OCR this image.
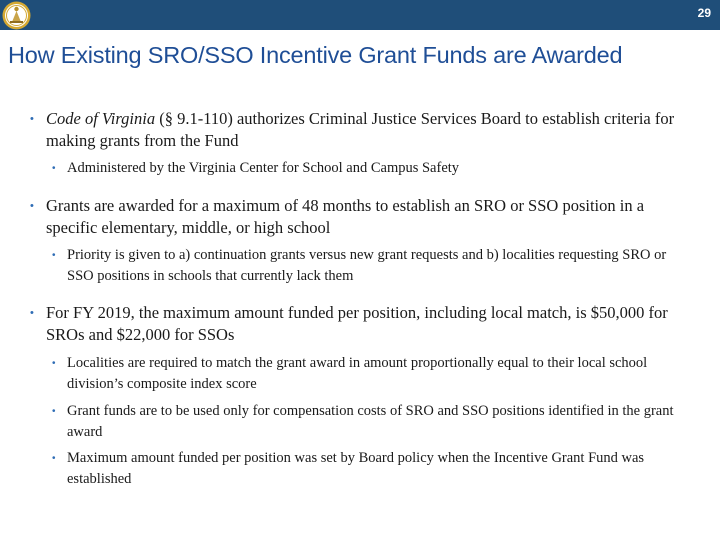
29
How Existing SRO/SSO Incentive Grant Funds are Awarded

• Code of Virginia (§ 9.1-110) authorizes Criminal Justice Services Board to establish criteria for making grants from the Fund

• Administered by the Virginia Center for School and Campus Safety

• Grants are awarded for a maximum of 48 months to establish an SRO or SSO position in a specific elementary, middle, or high school

• Priority is given to a) continuation grants versus new grant requests and b) localities requesting SRO or SSO positions in schools that currently lack them

• For FY 2019, the maximum amount funded per position, including local match, is $50,000 for SROs and $22,000 for SSOs

• Localities are required to match the grant award in amount proportionally equal to their local school division’s composite index score

• Grant funds are to be used only for compensation costs of SRO and SSO positions identified in the grant award

• Maximum amount funded per position was set by Board policy when the Incentive Grant Fund was established
